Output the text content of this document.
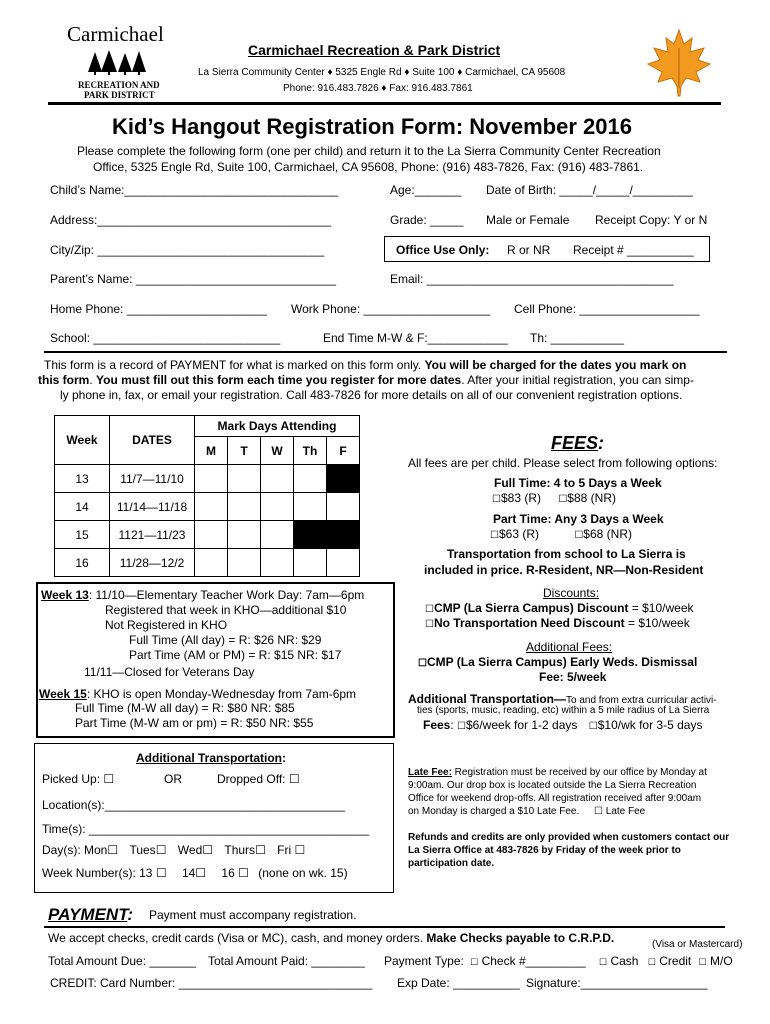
Carmichael
RECREATION AND
PARK DISTRICT
Carmichael Recreation & Park District
La Sierra Community Center ♦ 5325 Engle Rd ♦ Suite 100 ♦ Carmichael, CA 95608
Phone: 916.483.7826 ♦ Fax: 916.483.7861
Kid’s Hangout Registration Form: November 2016
Please complete the following form (one per child) and return it to the La Sierra Community Center Recreation
Office, 5325 Engle Rd, Suite 100, Carmichael, CA 95608, Phone: (916) 483-7826, Fax: (916) 483-7861.
Child’s Name:________________________________	Age:_______ Date of Birth: _____/_____/_________
Address:___________________________________	Grade: _____ Male or Female Receipt Copy: Y or N
City/Zip: __________________________________	Office Use Only: R or NR Receipt # __________
Parent’s Name: ______________________________	Email: _____________________________________
Home Phone: _____________________ Work Phone: ___________________ Cell Phone: __________________
School: ____________________________	End Time M-W & F:____________ Th: ___________
This form is a record of PAYMENT for what is marked on this form only. You will be charged for the dates you mark on
this form. You must fill out this form each time you register for more dates. After your initial registration, you can simp-
ly phone in, fax, or email your registration. Call 483-7826 for more details on all of our convenient registration options.
Week	DATES	Mark Days Attending				
		M	T	W	Th	F
13	11/7—11/10					
14	11/14—11/18					
15	1121—11/23					
16	11/28—12/2					
Week 13: 11/10—Elementary Teacher Work Day: 7am—6pm
Registered that week in KHO—additional $10
Not Registered in KHO
Full Time (All day) = R: $26 NR: $29
Part Time (AM or PM) = R: $15 NR: $17
11/11—Closed for Veterans Day
Week 15: KHO is open Monday-Wednesday from 7am-6pm
Full Time (M-W all day) = R: $80 NR: $85
Part Time (M-W am or pm) = R: $50 NR: $55
FEES:
All fees are per child. Please select from following options:
Full Time: 4 to 5 Days a Week
☐$83 (R) ☐$88 (NR)
Part Time: Any 3 Days a Week
☐$63 (R)	☐$68 (NR)
Transportation from school to La Sierra is
included in price. R-Resident, NR—Non-Resident
Discounts:
☐CMP (La Sierra Campus) Discount = $10/week
☐No Transportation Need Discount = $10/week
Additional Fees:
☐CMP (La Sierra Campus) Early Weds. Dismissal
Fee: 5/week
Additional Transportation—To and from extra curricular activi-
ties (sports, music, reading, etc) within a 5 mile radius of La Sierra
Fees: ☐$6/week for 1-2 days ☐$10/wk for 3-5 days
Additional Transportation:
Picked Up: ☐	OR	Dropped Off: ☐
Location(s):____________________________________
Time(s): __________________________________________
Day(s): Mon☐ Tues☐ Wed☐ Thurs☐ Fri ☐
Week Number(s): 13 ☐ 14☐ 16 ☐ (none on wk. 15)
Late Fee: Registration must be received by our office by Monday at
9:00am. Our drop box is located outside the La Sierra Recreation
Office for weekend drop-offs. All registration received after 9:00am
on Monday is charged a $10 Late Fee. ☐ Late Fee
Refunds and credits are only provided when customers contact our
La Sierra Office at 483-7826 by Friday of the week prior to
participation date.
PAYMENT: Payment must accompany registration.
We accept checks, credit cards (Visa or MC), cash, and money orders. Make Checks payable to C.R.P.D.	(Visa or Mastercard)
Total Amount Due: _______ Total Amount Paid: ________ Payment Type: ☐ Check #_________ ☐ Cash ☐ Credit ☐ M/O
CREDIT: Card Number: _____________________________ Exp Date: __________ Signature:___________________
